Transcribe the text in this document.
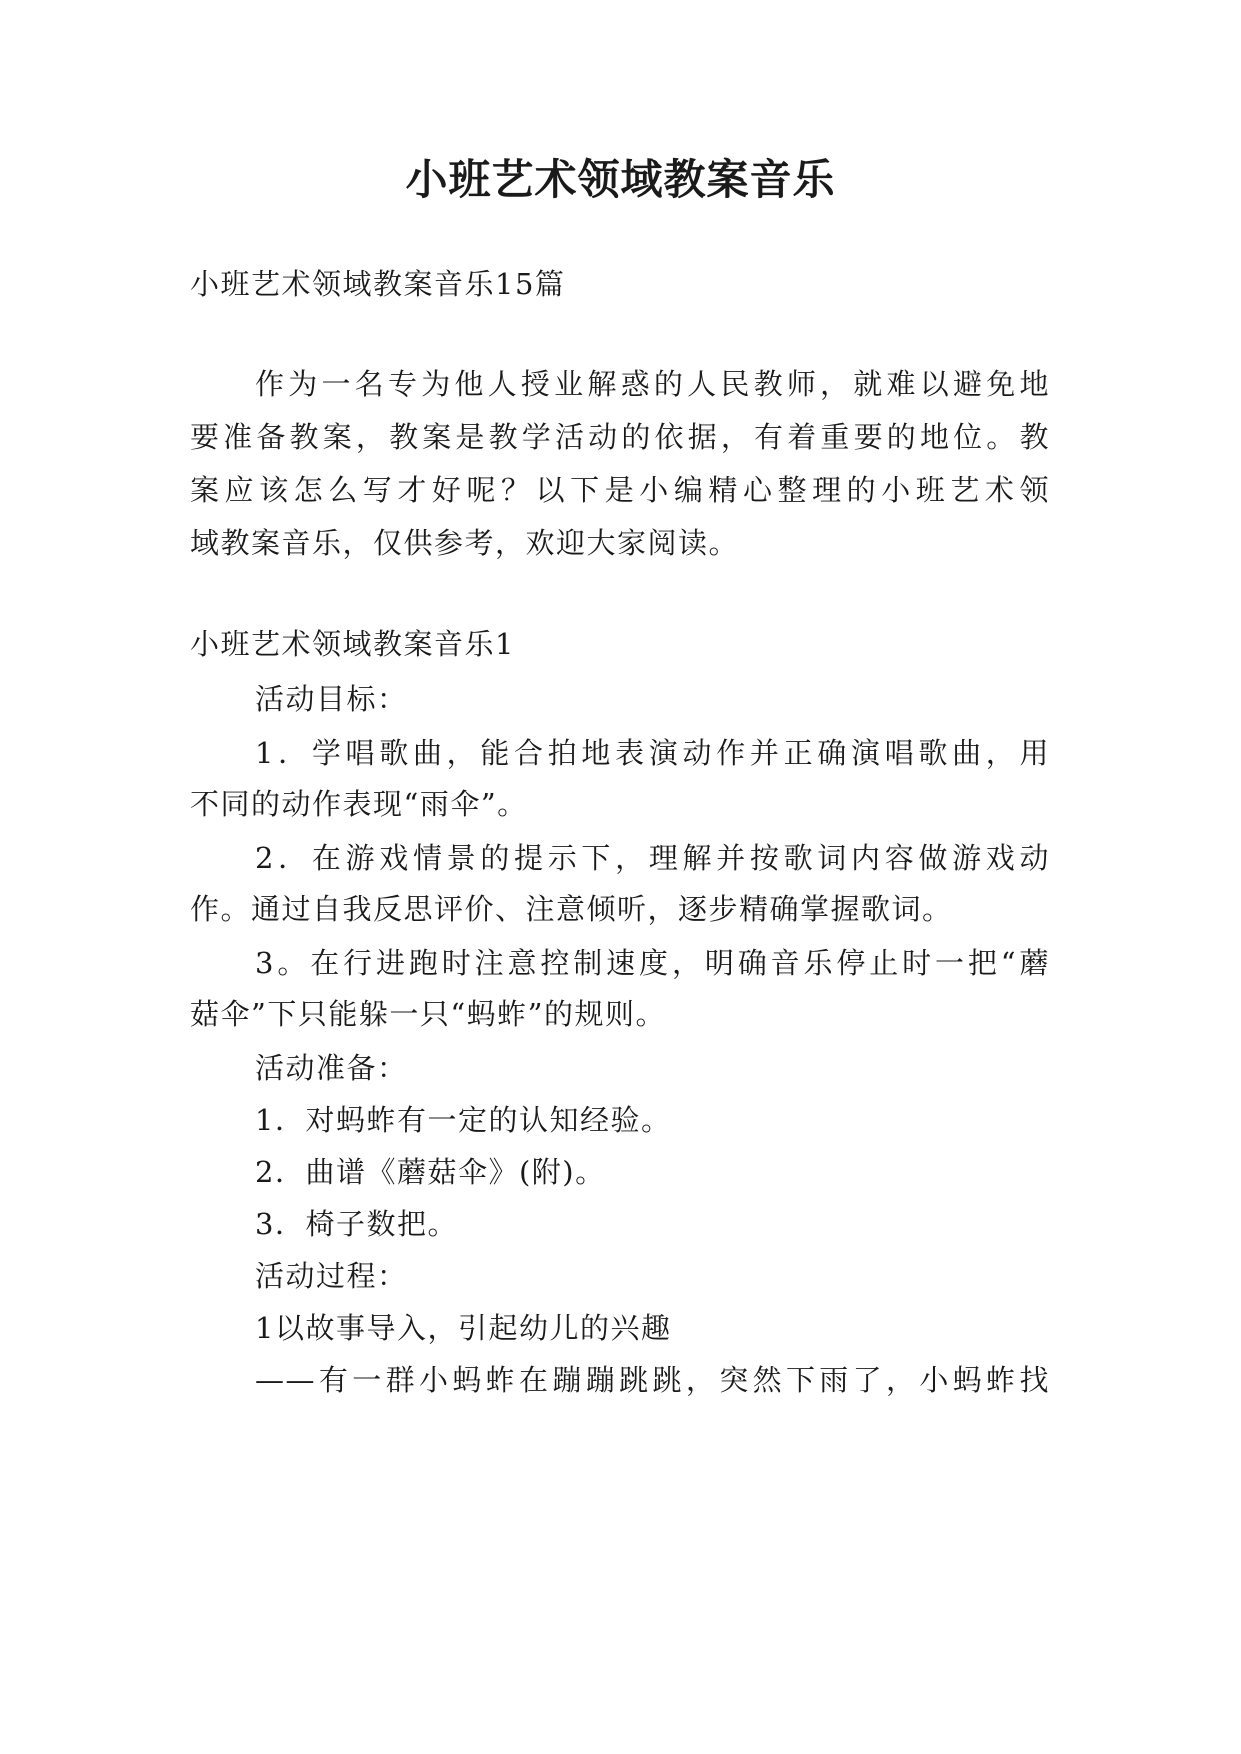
小班艺术领域教案音乐
小班艺术领域教案音乐15篇
作为一名专为他人授业解惑的人民教师，就难以避免地
要准备教案，教案是教学活动的依据，有着重要的地位。教
案应该怎么写才好呢？以下是小编精心整理的小班艺术领
域教案音乐，仅供参考，欢迎大家阅读。
小班艺术领域教案音乐1
活动目标：
1．学唱歌曲，能合拍地表演动作并正确演唱歌曲，用
不同的动作表现“雨伞”。
2．在游戏情景的提示下，理解并按歌词内容做游戏动
作。通过自我反思评价、注意倾听，逐步精确掌握歌词。
3。在行进跑时注意控制速度，明确音乐停止时一把“蘑
菇伞”下只能躲一只“蚂蚱”的规则。
活动准备：
1．对蚂蚱有一定的认知经验。
2．曲谱《蘑菇伞》(附)。
3．椅子数把。
活动过程：
1以故事导入，引起幼儿的兴趣
——有一群小蚂蚱在蹦蹦跳跳，突然下雨了，小蚂蚱找
